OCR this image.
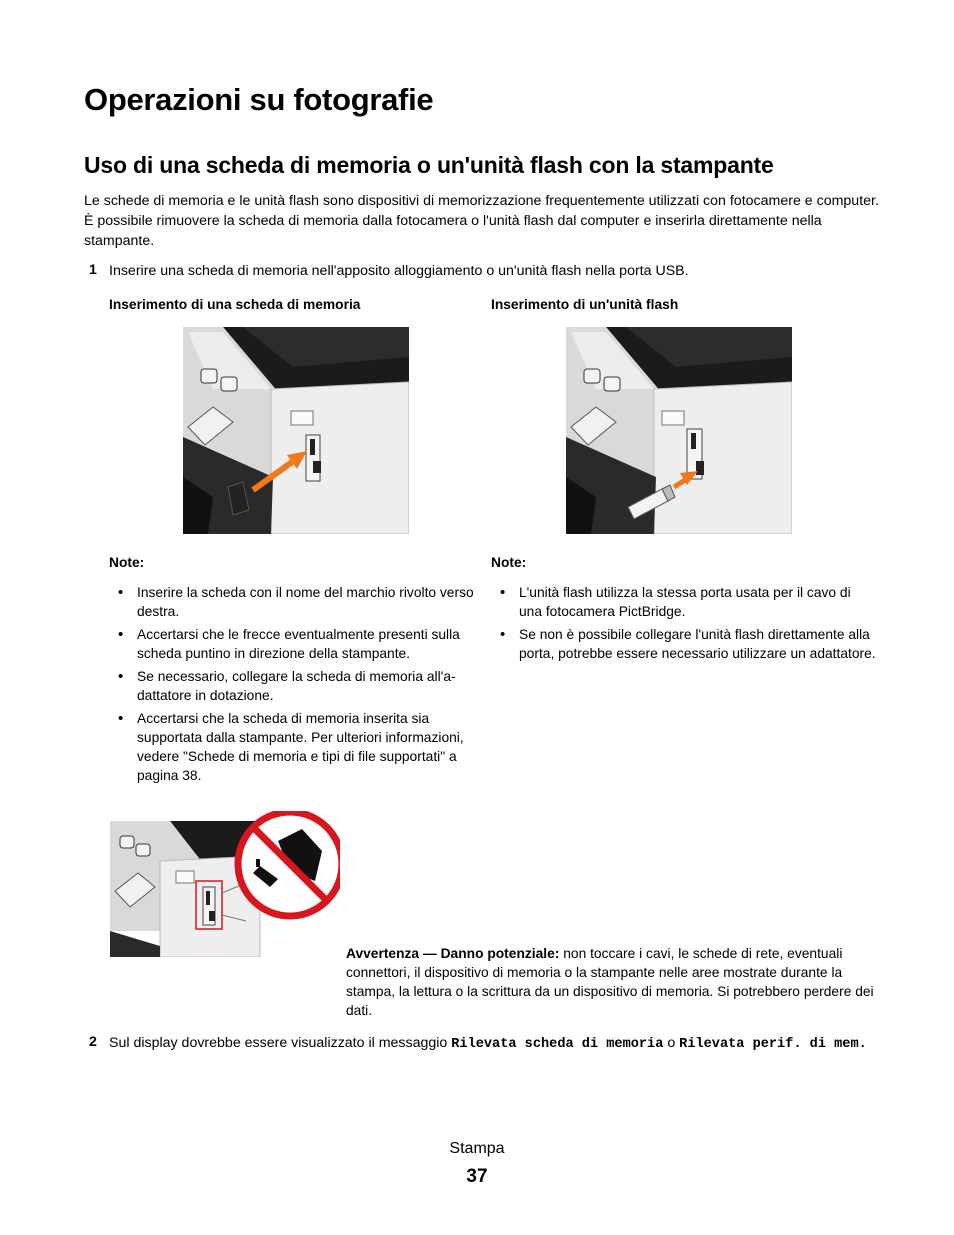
Operazioni su fotografie
Uso di una scheda di memoria o un'unità flash con la stampante
Le schede di memoria e le unità flash sono dispositivi di memorizzazione frequentemente utilizzati con fotocamere e computer. È possibile rimuovere la scheda di memoria dalla fotocamera o l'unità flash dal computer e inserirla direttamente nella stampante.
1 Inserire una scheda di memoria nell'apposito alloggiamento o un'unità flash nella porta USB.
Inserimento di una scheda di memoria	Inserimento di un'unità flash
Note:
• Inserire la scheda con il nome del marchio rivolto verso destra.
• Accertarsi che le frecce eventualmente presenti sulla scheda puntino in direzione della stampante.
• Se necessario, collegare la scheda di memoria all'a-dattatore in dotazione.
• Accertarsi che la scheda di memoria inserita sia supportata dalla stampante. Per ulteriori informazioni, vedere "Schede di memoria e tipi di file supportati" a pagina 38.
Note:
• L'unità flash utilizza la stessa porta usata per il cavo di una fotocamera PictBridge.
• Se non è possibile collegare l'unità flash direttamente alla porta, potrebbe essere necessario utilizzare un adattatore.
Avvertenza — Danno potenziale: non toccare i cavi, le schede di rete, eventuali connettori, il dispositivo di memoria o la stampante nelle aree mostrate durante la stampa, la lettura o la scrittura da un dispositivo di memoria. Si potrebbero perdere dei dati.
2 Sul display dovrebbe essere visualizzato il messaggio Rilevata scheda di memoria o Rilevata perif. di mem.
Stampa
37
